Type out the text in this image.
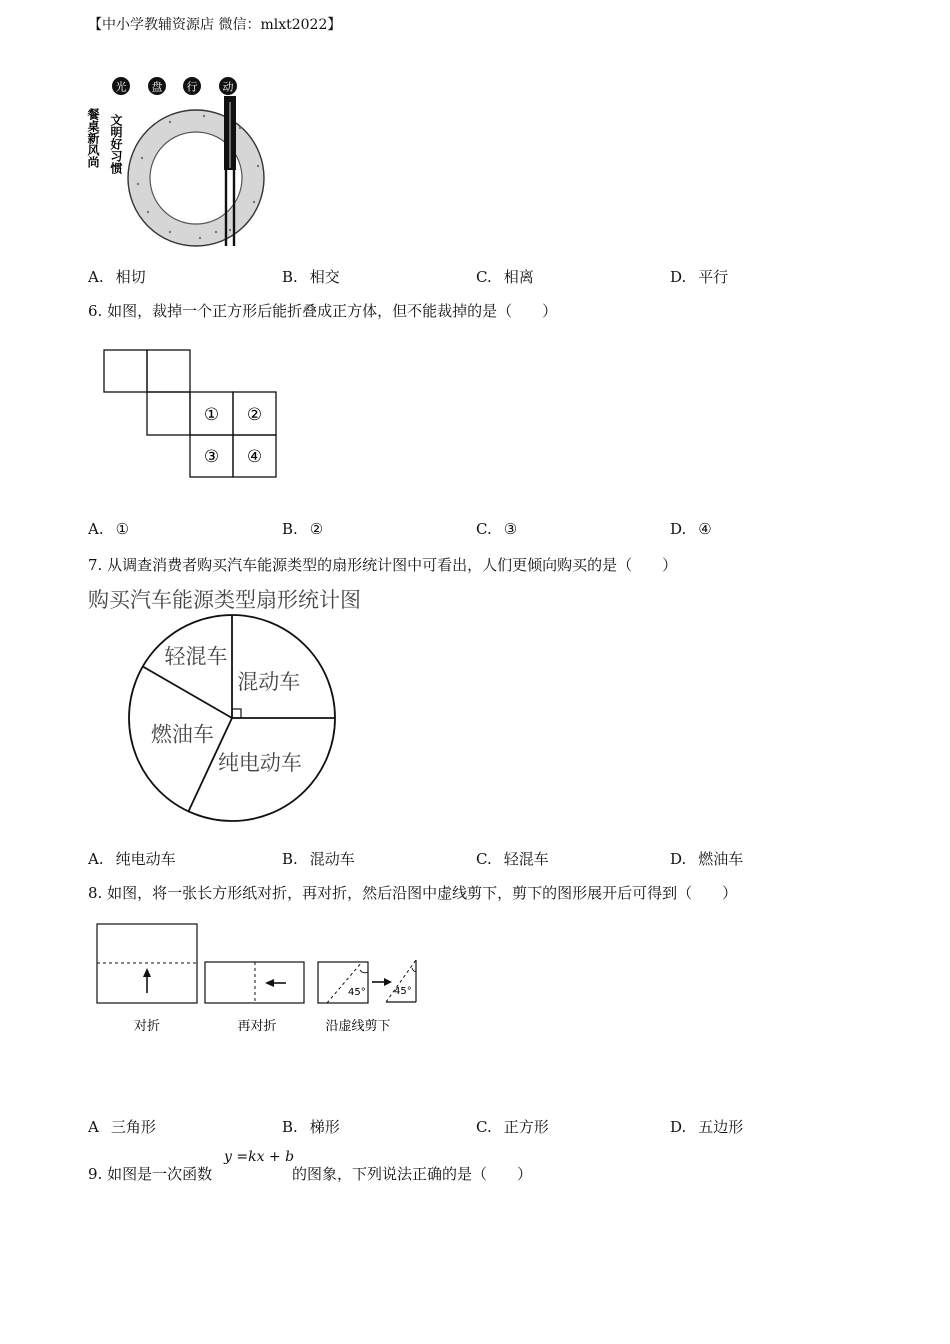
【中小学教辅资源店 微信：mlxt2022】
光 盘 行 动
餐桌新风尚 文明好习惯
A. 相切	B. 相交	C. 相离	D. 平行
6. 如图，裁掉一个正方形后能折叠成正方体，但不能裁掉的是（　　）
① ②
③ ④
A. ①	B. ②	C. ③	D. ④
7. 从调查消费者购买汽车能源类型的扇形统计图中可看出，人们更倾向购买的是（　　）
购买汽车能源类型扇形统计图
混动车
纯电动车
燃油车
轻混车
A. 纯电动车	B. 混动车	C. 轻混车	D. 燃油车
8. 如图，将一张长方形纸对折，再对折，然后沿图中虚线剪下，剪下的图形展开后可得到（　　）
45°	45°
对折	再对折	沿虚线剪下
A 三角形	B. 梯形	C. 正方形	D. 五边形
y =kx + b
9. 如图是一次函数	的图象，下列说法正确的是（　　）
